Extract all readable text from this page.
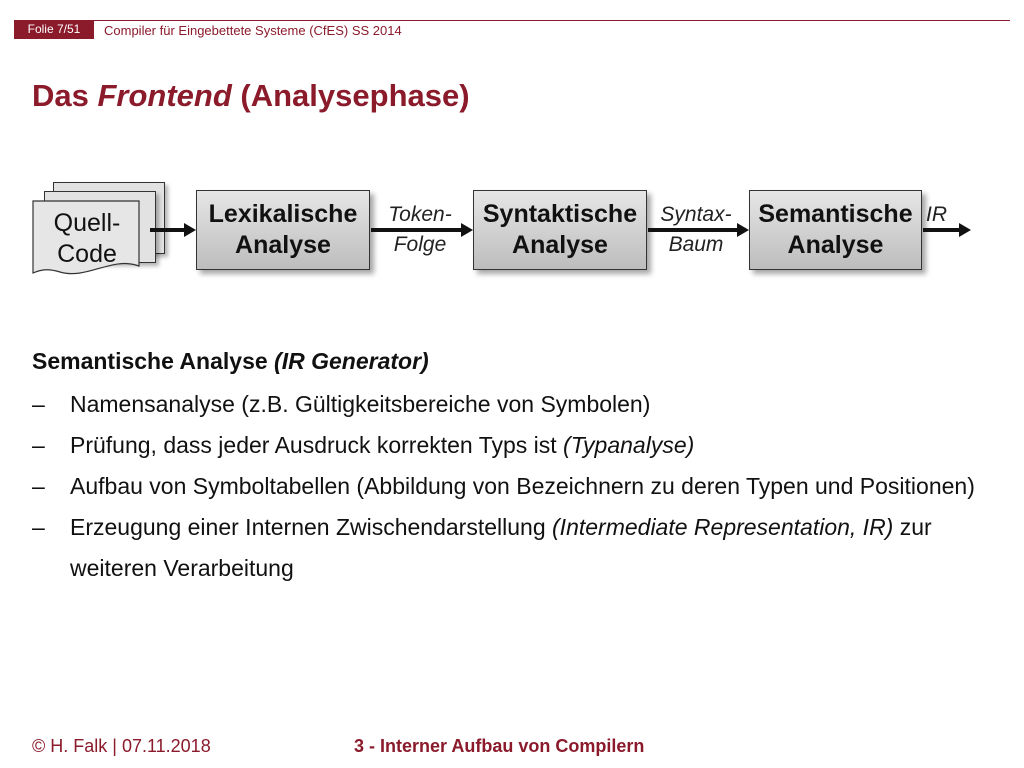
Folie 7/51	Compiler für Eingebettete Systeme (CfES) SS 2014
Das Frontend (Analysephase)
Quell-
Code
Lexikalische
Analyse
Syntaktische
Analyse
Semantische
Analyse
Token-
Folge
Syntax-
Baum
IR
Semantische Analyse (IR Generator)
– Namensanalyse (z.B. Gültigkeitsbereiche von Symbolen)
– Prüfung, dass jeder Ausdruck korrekten Typs ist (Typanalyse)
– Aufbau von Symboltabellen (Abbildung von Bezeichnern zu deren Typen und Positionen)
– Erzeugung einer Internen Zwischendarstellung (Intermediate Representation, IR) zur weiteren Verarbeitung
© H. Falk | 07.11.2018	3 - Interner Aufbau von Compilern
